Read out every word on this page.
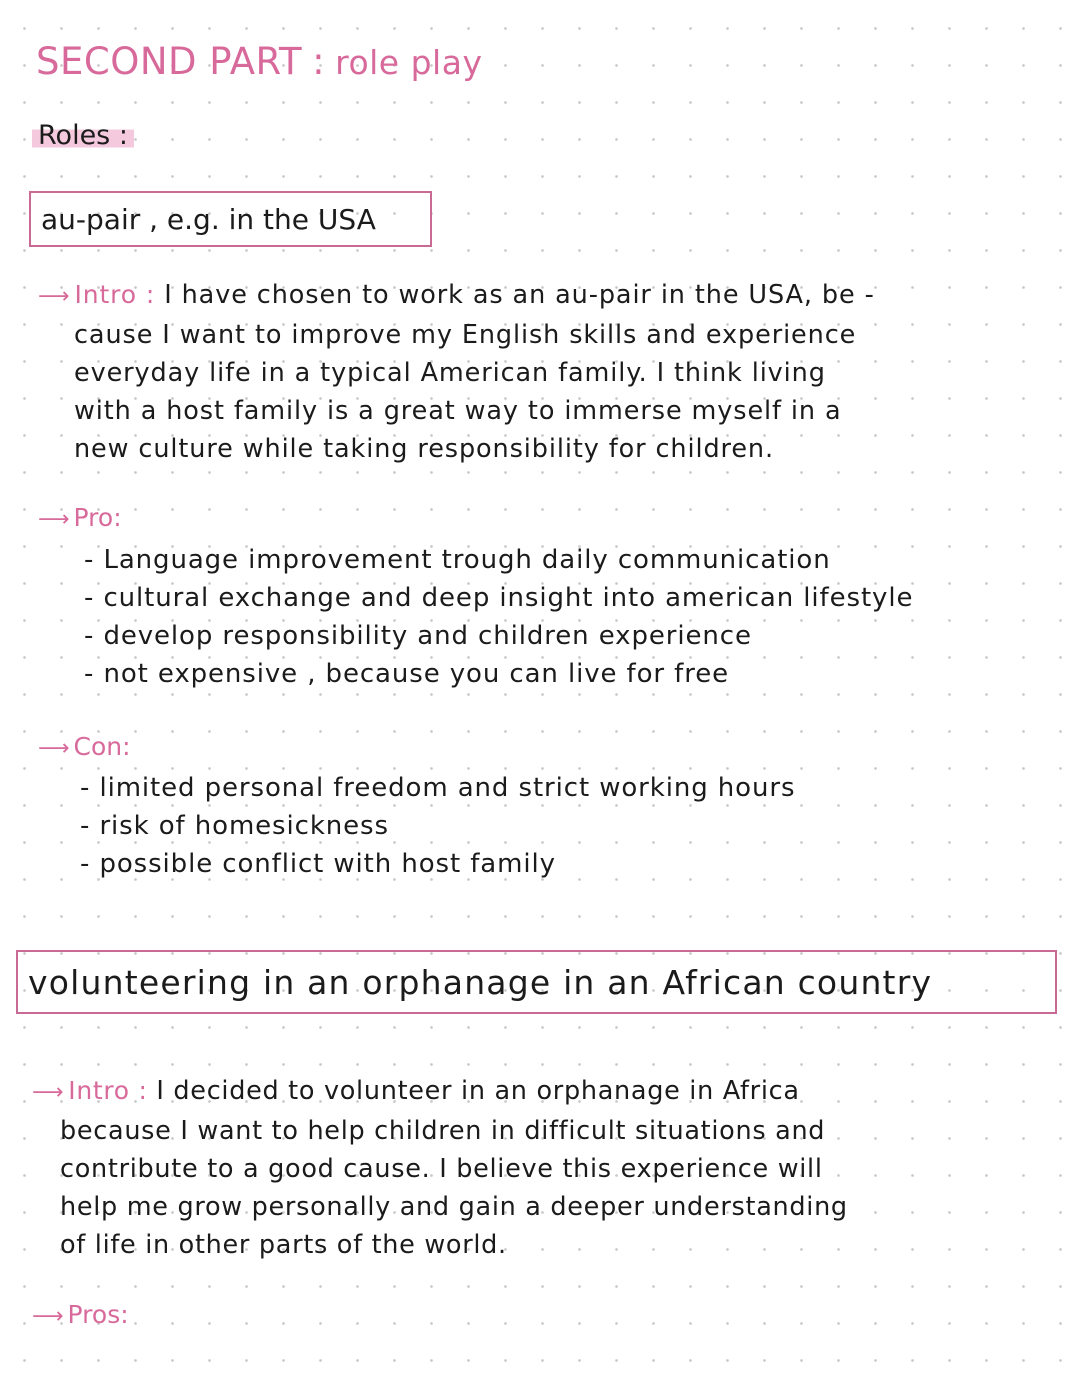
SECOND PART : role play
Roles :
au-pair , e.g. in the USA
⟶ Intro : I have chosen to work as an au-pair in the USA, be -
cause I want to improve my English skills and experience
everyday life in a typical American family. I think living
with a host family is a great way to immerse myself in a
new culture while taking responsibility for children.
⟶ Pro:
- Language improvement trough daily communication
- cultural exchange and deep insight into american lifestyle
- develop responsibility and children experience
- not expensive , because you can live for free
⟶ Con:
- limited personal freedom and strict working hours
- risk of homesickness
- possible conflict with host family
volunteering in an orphanage in an African country
⟶ Intro : I decided to volunteer in an orphanage in Africa
because I want to help children in difficult situations and
contribute to a good cause. I believe this experience will
help me grow personally and gain a deeper understanding
of life in other parts of the world.
⟶ Pros:
